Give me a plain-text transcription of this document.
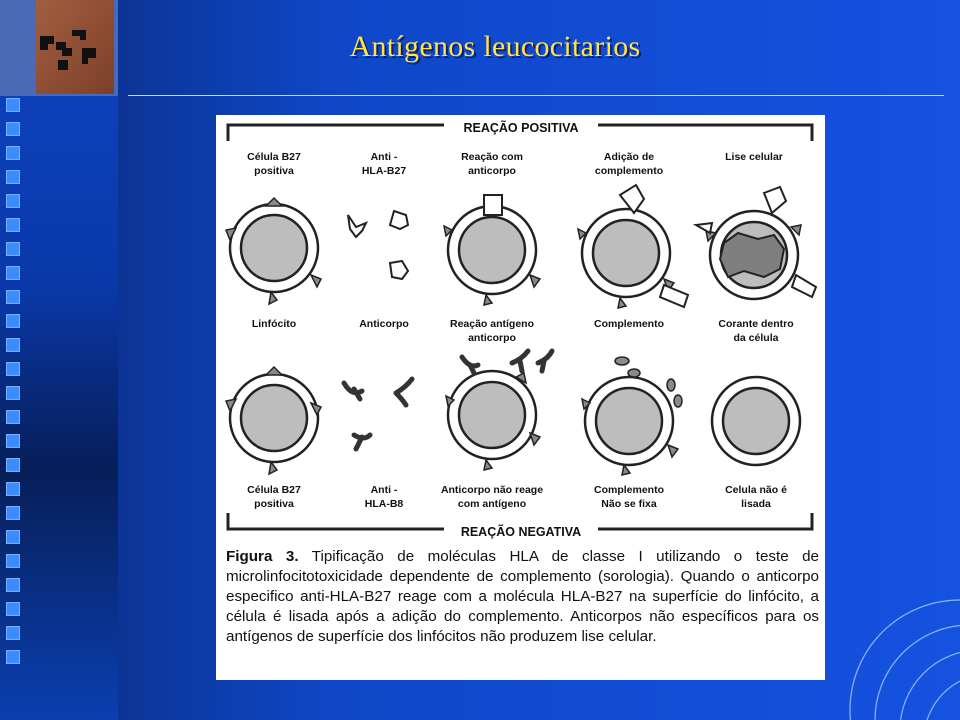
Antígenos leucocitarios
REAÇÃO POSITIVA
REAÇÃO NEGATIVA
Célula B27
positiva
Anti -
HLA-B27
Reação com
anticorpo
Adição de
complemento
Lise celular
Linfócito	Anticorpo	Reação antígeno
anticorpo
Complemento	Corante dentro
da célula
Célula B27
positiva
Anti -
HLA-B8
Anticorpo não reage
com antígeno
Complemento
Não se fixa
Celula não é
lisada
Figura 3. Tipificação de moléculas HLA de classe I utilizando o teste de microlinfocitotoxicidade dependente de complemento (sorologia). Quando o anticorpo especifico anti-HLA-B27 reage com a molécula HLA-B27 na superfície do linfócito, a célula é lisada após a adição do complemento. Anticorpos não específicos para os antígenos de superfície dos linfócitos não produzem lise celular.
